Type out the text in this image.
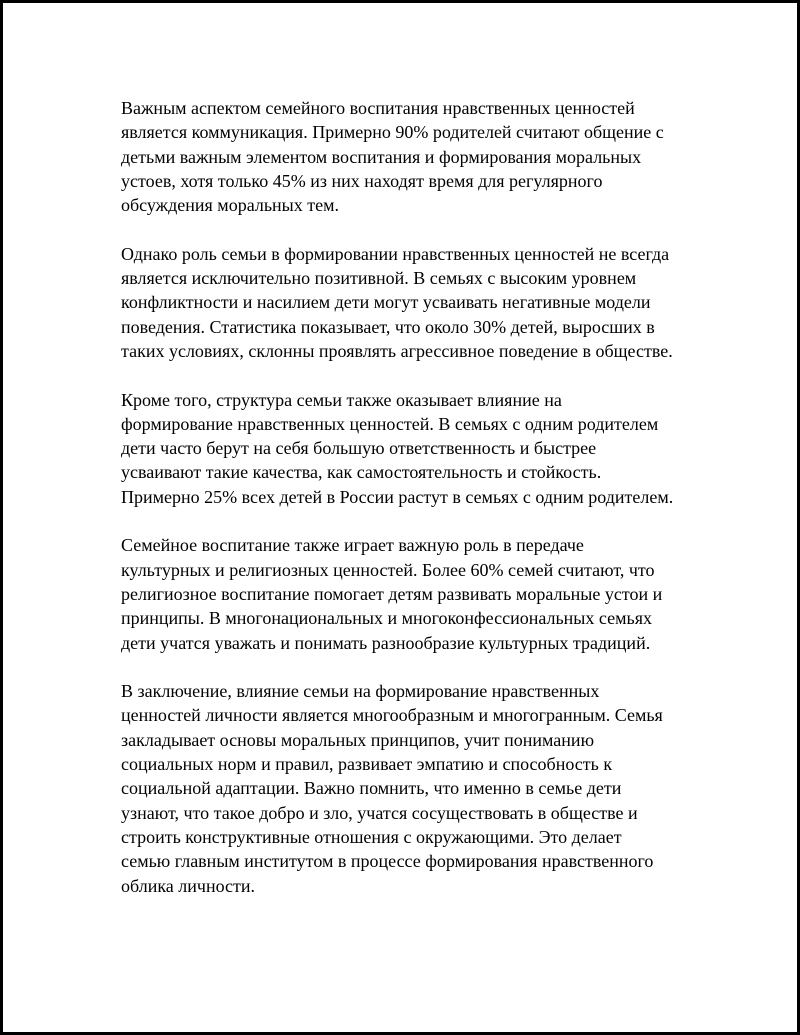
Важным аспектом семейного воспитания нравственных ценностей
является коммуникация. Примерно 90% родителей считают общение с
детьми важным элементом воспитания и формирования моральных
устоев, хотя только 45% из них находят время для регулярного
обсуждения моральных тем.

Однако роль семьи в формировании нравственных ценностей не всегда
является исключительно позитивной. В семьях с высоким уровнем
конфликтности и насилием дети могут усваивать негативные модели
поведения. Статистика показывает, что около 30% детей, выросших в
таких условиях, склонны проявлять агрессивное поведение в обществе.

Кроме того, структура семьи также оказывает влияние на
формирование нравственных ценностей. В семьях с одним родителем
дети часто берут на себя большую ответственность и быстрее
усваивают такие качества, как самостоятельность и стойкость.
Примерно 25% всех детей в России растут в семьях с одним родителем.

Семейное воспитание также играет важную роль в передаче
культурных и религиозных ценностей. Более 60% семей считают, что
религиозное воспитание помогает детям развивать моральные устои и
принципы. В многонациональных и многоконфессиональных семьях
дети учатся уважать и понимать разнообразие культурных традиций.

В заключение, влияние семьи на формирование нравственных
ценностей личности является многообразным и многогранным. Семья
закладывает основы моральных принципов, учит пониманию
социальных норм и правил, развивает эмпатию и способность к
социальной адаптации. Важно помнить, что именно в семье дети
узнают, что такое добро и зло, учатся сосуществовать в обществе и
строить конструктивные отношения с окружающими. Это делает
семью главным институтом в процессе формирования нравственного
облика личности.
